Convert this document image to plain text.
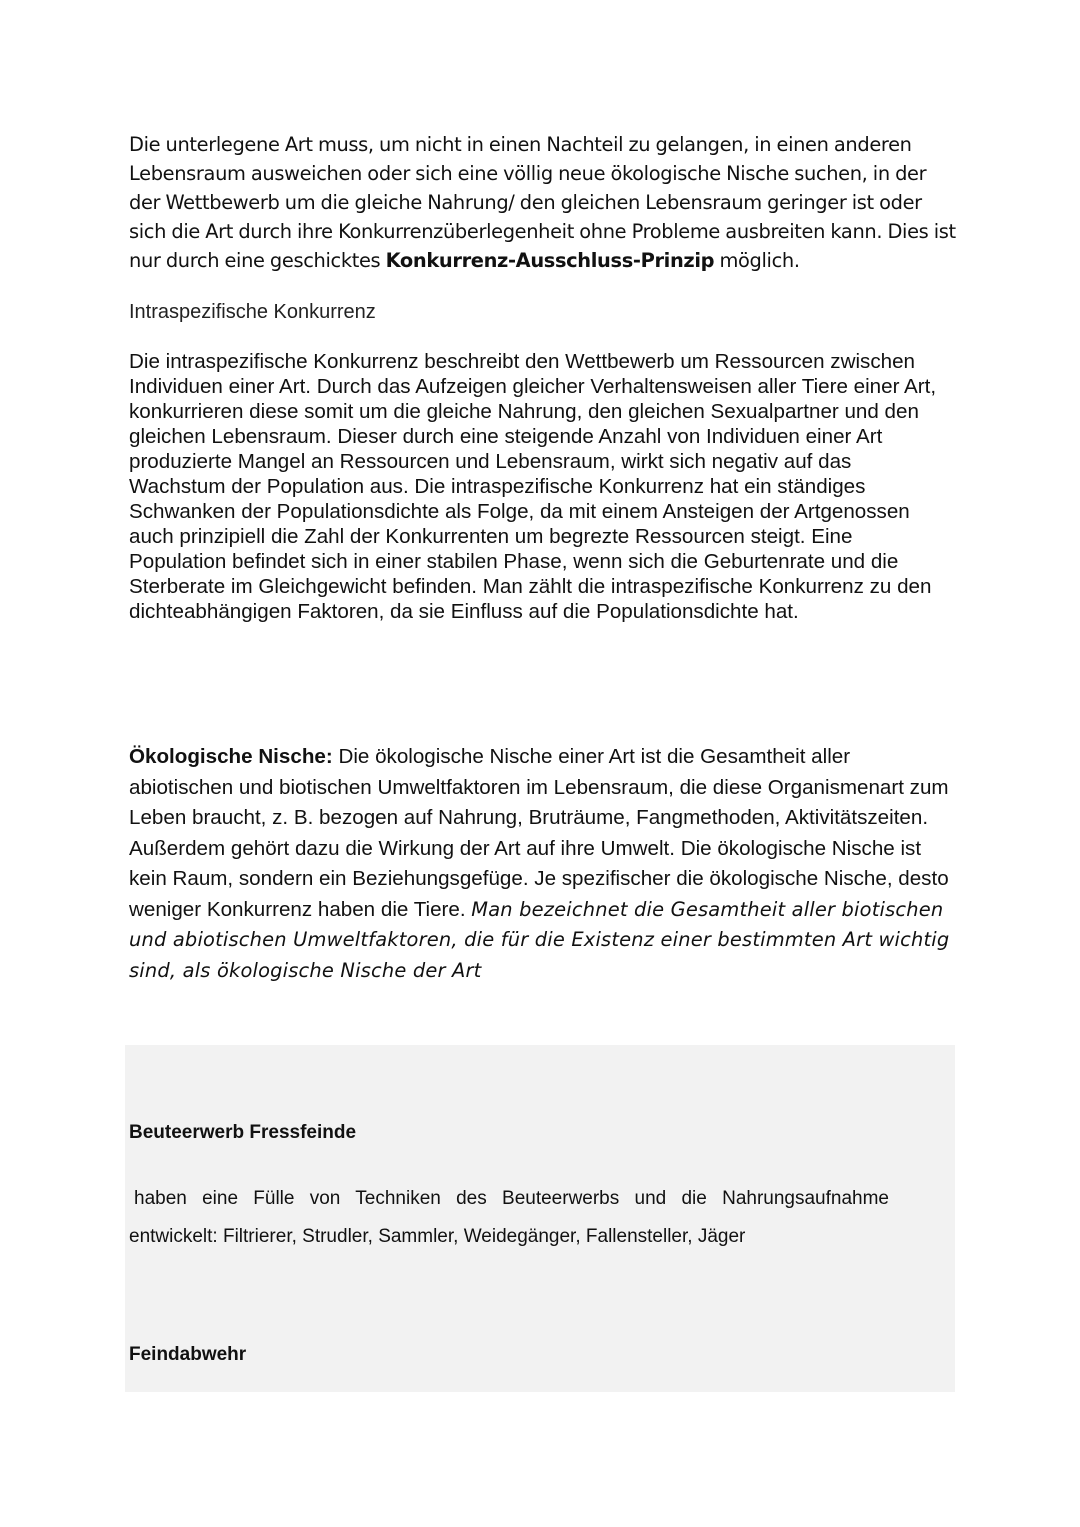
Die unterlegene Art muss, um nicht in einen Nachteil zu gelangen, in einen anderen Lebensraum ausweichen oder sich eine völlig neue ökologische Nische suchen, in der der Wettbewerb um die gleiche Nahrung/ den gleichen Lebensraum geringer ist oder sich die Art durch ihre Konkurrenzüberlegenheit ohne Probleme ausbreiten kann. Dies ist nur durch eine geschicktes Konkurrenz-Ausschluss-Prinzip möglich.
Intraspezifische Konkurrenz
Die intraspezifische Konkurrenz beschreibt den Wettbewerb um Ressourcen zwischen Individuen einer Art. Durch das Aufzeigen gleicher Verhaltensweisen aller Tiere einer Art, konkurrieren diese somit um die gleiche Nahrung, den gleichen Sexualpartner und den gleichen Lebensraum. Dieser durch eine steigende Anzahl von Individuen einer Art produzierte Mangel an Ressourcen und Lebensraum, wirkt sich negativ auf das Wachstum der Population aus. Die intraspezifische Konkurrenz hat ein ständiges Schwanken der Populationsdichte als Folge, da mit einem Ansteigen der Artgenossen auch prinzipiell die Zahl der Konkurrenten um begrezte Ressourcen steigt. Eine Population befindet sich in einer stabilen Phase, wenn sich die Geburtenrate und die Sterberate im Gleichgewicht befinden. Man zählt die intraspezifische Konkurrenz zu den dichteabhängigen Faktoren, da sie Einfluss auf die Populationsdichte hat.
Ökologische Nische: Die ökologische Nische einer Art ist die Gesamtheit aller abiotischen und biotischen Umweltfaktoren im Lebensraum, die diese Organismenart zum Leben braucht, z. B. bezogen auf Nahrung, Bruträume, Fangmethoden, Aktivitätszeiten. Außerdem gehört dazu die Wirkung der Art auf ihre Umwelt. Die ökologische Nische ist kein Raum, sondern ein Beziehungsgefüge. Je spezifischer die ökologische Nische, desto weniger Konkurrenz haben die Tiere. Man bezeichnet die Gesamtheit aller biotischen und abiotischen Umweltfaktoren, die für die Existenz einer bestimmten Art wichtig sind, als ökologische Nische der Art
Beuteerwerb Fressfeinde
haben eine Fülle von Techniken des Beuteerwerbs und die Nahrungsaufnahme
entwickelt: Filtrierer, Strudler, Sammler, Weidegänger, Fallensteller, Jäger
Feindabwehr
